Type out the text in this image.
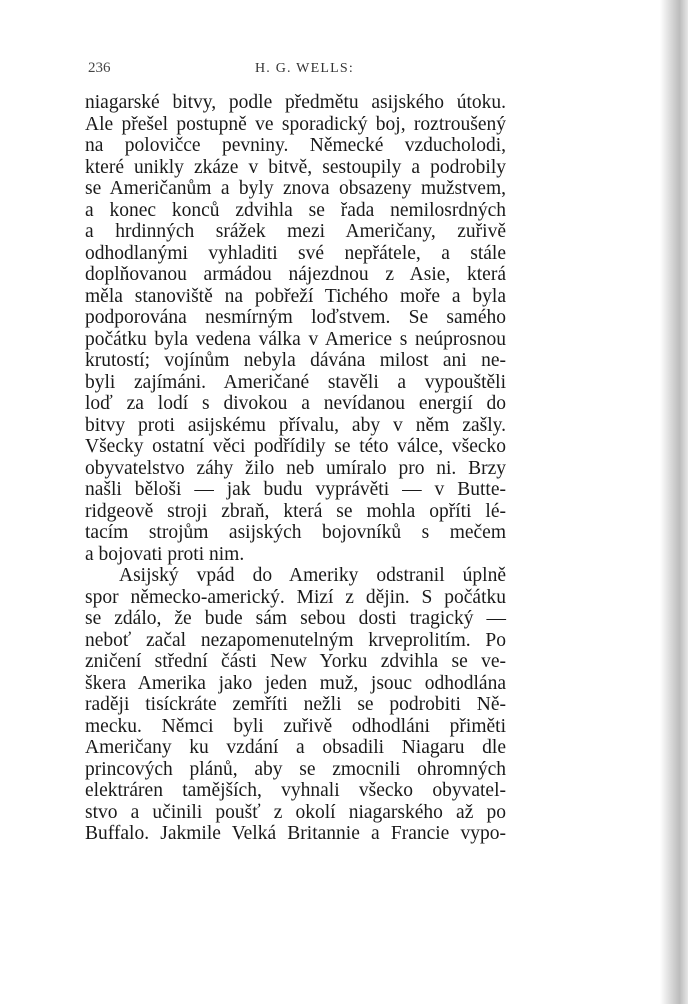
236	H. G. WELLS:
niagarské bitvy, podle předmětu asijského útoku.
Ale přešel postupně ve sporadický boj, roztroušený
na polovičce pevniny. Německé vzducholodi,
které unikly zkáze v bitvě, sestoupily a podrobily
se Američanům a byly znova obsazeny mužstvem,
a konec konců zdvihla se řada nemilosrdných
a hrdinných srážek mezi Američany, zuřivě
odhodlanými vyhladiti své nepřátele, a stále
doplňovanou armádou nájezdnou z Asie, která
měla stanoviště na pobřeží Tichého moře a byla
podporována nesmírným loďstvem. Se samého
počátku byla vedena válka v Americe s neúprosnou
krutostí; vojínům nebyla dávána milost ani ne-
byli zajímáni. Američané stavěli a vypouštěli
loď za lodí s divokou a nevídanou energií do
bitvy proti asijskému přívalu, aby v něm zašly.
Všecky ostatní věci podřídily se této válce, všecko
obyvatelstvo záhy žilo neb umíralo pro ni. Brzy
našli běloši — jak budu vyprávěti — v Butte-
ridgeově stroji zbraň, která se mohla opříti lé-
tacím strojům asijských bojovníků s mečem
a bojovati proti nim.
Asijský vpád do Ameriky odstranil úplně
spor německo-americký. Mizí z dějin. S počátku
se zdálo, že bude sám sebou dosti tragický —
neboť začal nezapomenutelným krveprolitím. Po
zničení střední části New Yorku zdvihla se ve-
škera Amerika jako jeden muž, jsouc odhodlána
raději tisíckráte zemříti nežli se podrobiti Ně-
mecku. Němci byli zuřivě odhodláni přiměti
Američany ku vzdání a obsadili Niagaru dle
princových plánů, aby se zmocnili ohromných
elektráren tamějších, vyhnali všecko obyvatel-
stvo a učinili poušť z okolí niagarského až po
Buffalo. Jakmile Velká Britannie a Francie vypo-
